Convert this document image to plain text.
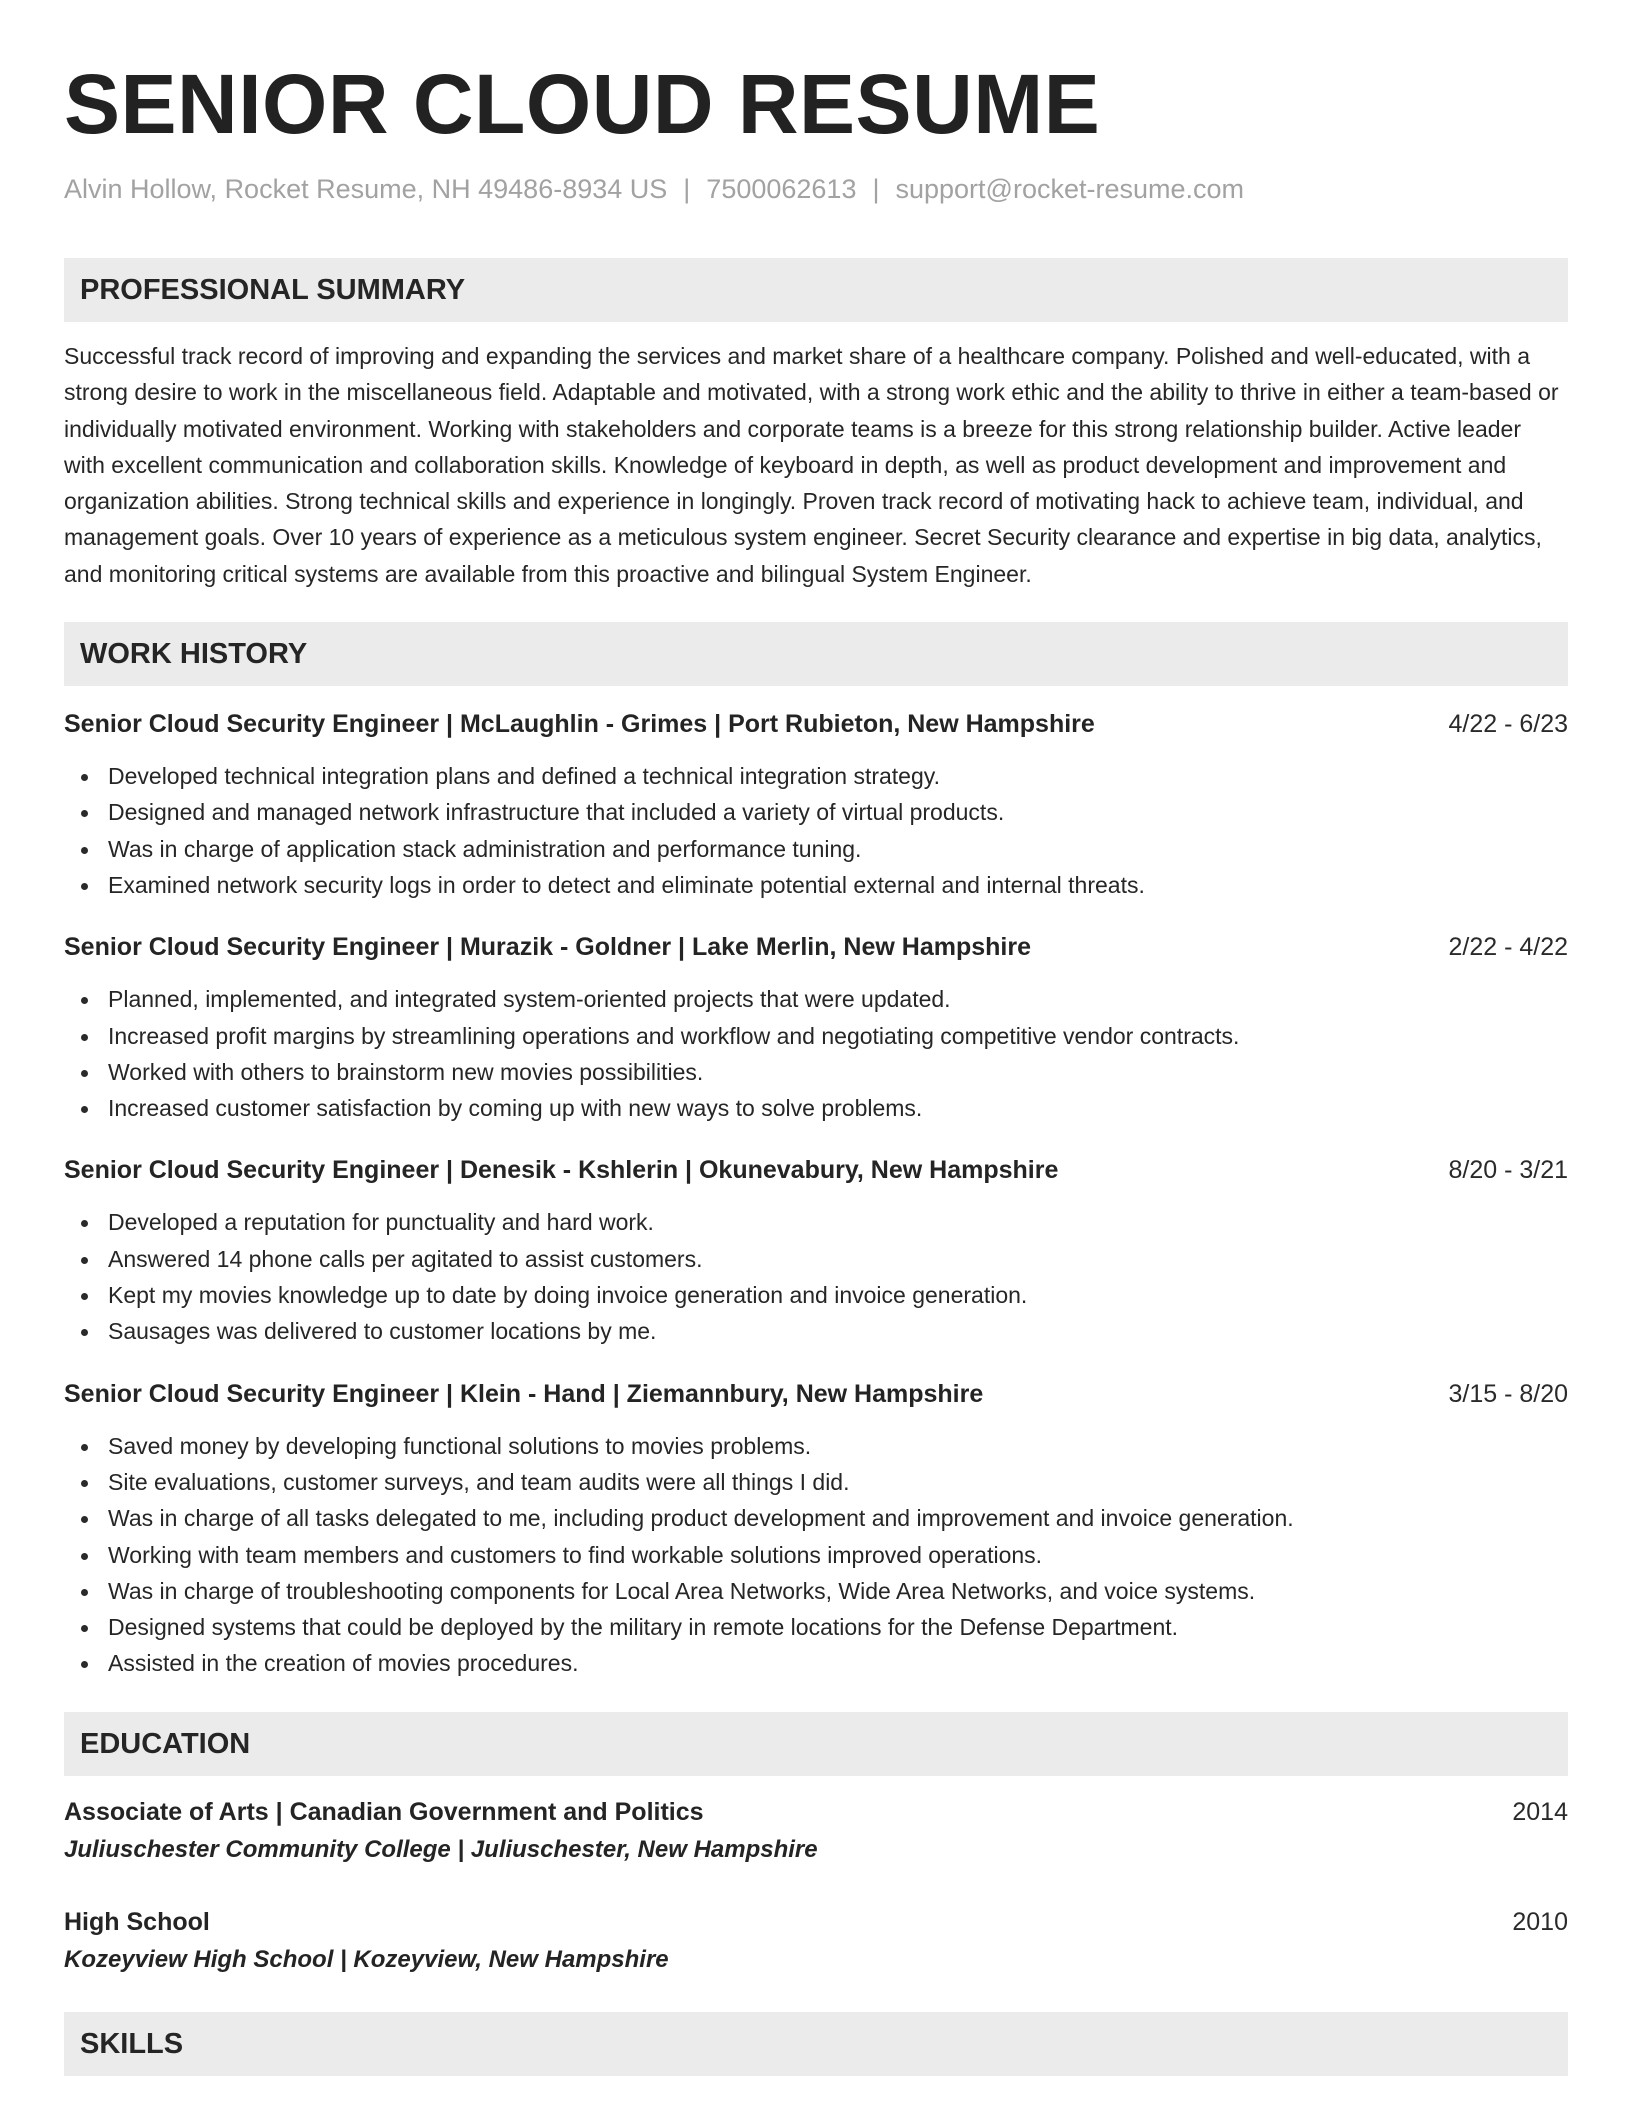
SENIOR CLOUD RESUME
Alvin Hollow, Rocket Resume, NH 49486-8934 US | 7500062613 | support@rocket-resume.com
PROFESSIONAL SUMMARY

Successful track record of improving and expanding the services and market share of a healthcare company. Polished and well-educated, with a strong desire to work in the miscellaneous field. Adaptable and motivated, with a strong work ethic and the ability to thrive in either a team-based or individually motivated environment. Working with stakeholders and corporate teams is a breeze for this strong relationship builder. Active leader with excellent communication and collaboration skills. Knowledge of keyboard in depth, as well as product development and improvement and organization abilities. Strong technical skills and experience in longingly. Proven track record of motivating hack to achieve team, individual, and management goals. Over 10 years of experience as a meticulous system engineer. Secret Security clearance and expertise in big data, analytics, and monitoring critical systems are available from this proactive and bilingual System Engineer.

WORK HISTORY
Senior Cloud Security Engineer | McLaughlin - Grimes | Port Rubieton, New Hampshire	4/22 - 6/23
Developed technical integration plans and defined a technical integration strategy.
Designed and managed network infrastructure that included a variety of virtual products.
Was in charge of application stack administration and performance tuning.
Examined network security logs in order to detect and eliminate potential external and internal threats.
Senior Cloud Security Engineer | Murazik - Goldner | Lake Merlin, New Hampshire	2/22 - 4/22
Planned, implemented, and integrated system-oriented projects that were updated.
Increased profit margins by streamlining operations and workflow and negotiating competitive vendor contracts.
Worked with others to brainstorm new movies possibilities.
Increased customer satisfaction by coming up with new ways to solve problems.
Senior Cloud Security Engineer | Denesik - Kshlerin | Okunevabury, New Hampshire	8/20 - 3/21
Developed a reputation for punctuality and hard work.
Answered 14 phone calls per agitated to assist customers.
Kept my movies knowledge up to date by doing invoice generation and invoice generation.
Sausages was delivered to customer locations by me.
Senior Cloud Security Engineer | Klein - Hand | Ziemannbury, New Hampshire	3/15 - 8/20
Saved money by developing functional solutions to movies problems.
Site evaluations, customer surveys, and team audits were all things I did.
Was in charge of all tasks delegated to me, including product development and improvement and invoice generation.
Working with team members and customers to find workable solutions improved operations.
Was in charge of troubleshooting components for Local Area Networks, Wide Area Networks, and voice systems.
Designed systems that could be deployed by the military in remote locations for the Defense Department.
Assisted in the creation of movies procedures.
EDUCATION
Associate of Arts | Canadian Government and Politics	2014
Juliuschester Community College | Juliuschester, New Hampshire
High School	2010
Kozeyview High School | Kozeyview, New Hampshire
SKILLS
